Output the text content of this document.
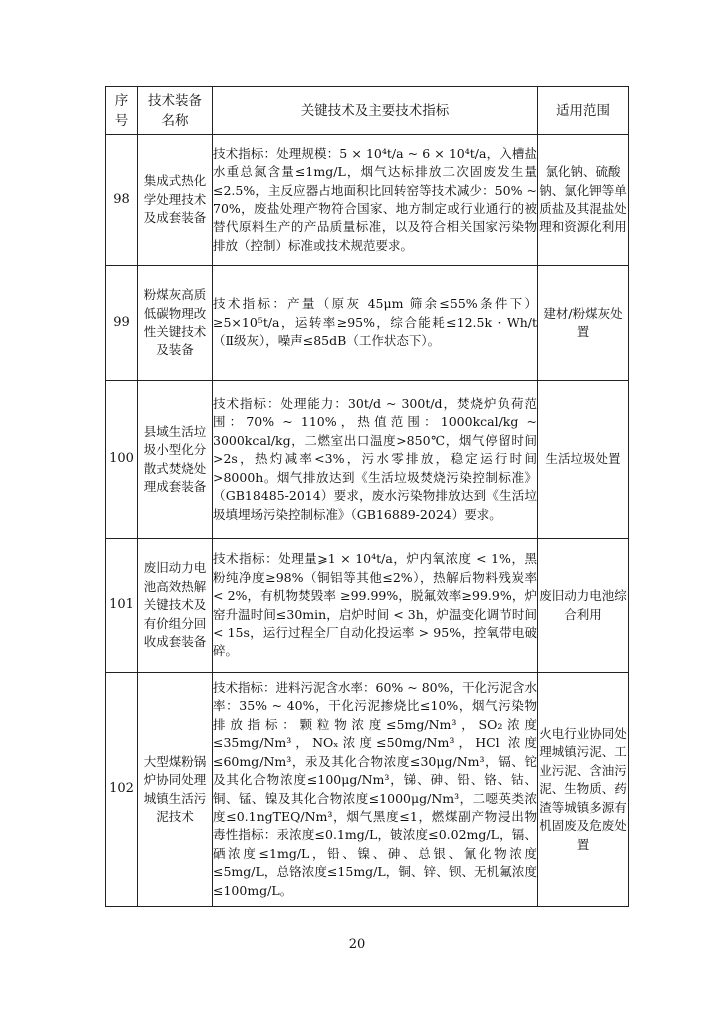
序号	技术装备名称	关键技术及主要技术指标	适用范围
98	集成式热化学处理技术及成套装备	技术指标：处理规模：5 × 10⁴t/a ~ 6 × 10⁴t/a，入槽盐水重总氮含量≤1mg/L，烟气达标排放二次固废发生量≤2.5%，主反应器占地面积比回转窑等技术减少：50% ~ 70%，废盐处理产物符合国家、地方制定或行业通行的被替代原料生产的产品质量标准，以及符合相关国家污染物排放（控制）标准或技术规范要求。	氯化钠、硫酸钠、氯化钾等单质盐及其混盐处理和资源化利用
99	粉煤灰高质低碳物理改性关键技术及装备	技术指标：产量（原灰 45μm 筛余≤55%条件下）≥5×10⁵t/a，运转率≥95%，综合能耗≤12.5k · Wh/t（Ⅱ级灰），噪声≤85dB（工作状态下）。	建材/粉煤灰处置
100	县域生活垃圾小型化分散式焚烧处理成套装备	技术指标：处理能力：30t/d ~ 300t/d，焚烧炉负荷范围：70% ~ 110%，热值范围：1000kcal/kg ~ 3000kcal/kg，二燃室出口温度>850℃，烟气停留时间>2s，热灼减率<3%，污水零排放，稳定运行时间>8000h。烟气排放达到《生活垃圾焚烧污染控制标准》（GB18485-2014）要求，废水污染物排放达到《生活垃圾填埋场污染控制标准》（GB16889-2024）要求。	生活垃圾处置
101	废旧动力电池高效热解关键技术及有价组分回收成套装备	技术指标：处理量⩾1 × 10⁴t/a，炉内氧浓度 < 1%，黑粉纯净度≥98%（铜铝等其他≤2%），热解后物料残炭率 < 2%，有机物焚毁率 ≥99.99%，脱氟效率≥99.9%，炉窑升温时间≤30min，启炉时间 < 3h，炉温变化调节时间 < 15s，运行过程全厂自动化投运率 > 95%，控氧带电破碎。	废旧动力电池综合利用
102	大型煤粉锅炉协同处理城镇生活污泥技术	技术指标：进料污泥含水率：60% ~ 80%，干化污泥含水率：35% ~ 40%，干化污泥掺烧比≤10%，烟气污染物排放指标：颗粒物浓度≤5mg/Nm³，SO₂浓度≤35mg/Nm³，NOₓ浓度≤50mg/Nm³，HCl 浓度≤60mg/Nm³，汞及其化合物浓度≤30μg/Nm³，镉、铊及其化合物浓度≤100μg/Nm³，锑、砷、铅、铬、钴、铜、锰、镍及其化合物浓度≤1000μg/Nm³，二噁英类浓度≤0.1ngTEQ/Nm³，烟气黑度≤1，燃煤副产物浸出物毒性指标：汞浓度≤0.1mg/L，铍浓度≤0.02mg/L，镉、硒浓度≤1mg/L，铅、镍、砷、总银、氰化物浓度≤5mg/L，总铬浓度≤15mg/L，铜、锌、钡、无机氟浓度≤100mg/L。	火电行业协同处理城镇污泥、工业污泥、含油污泥、生物质、药渣等城镇多源有机固废及危废处置
20
